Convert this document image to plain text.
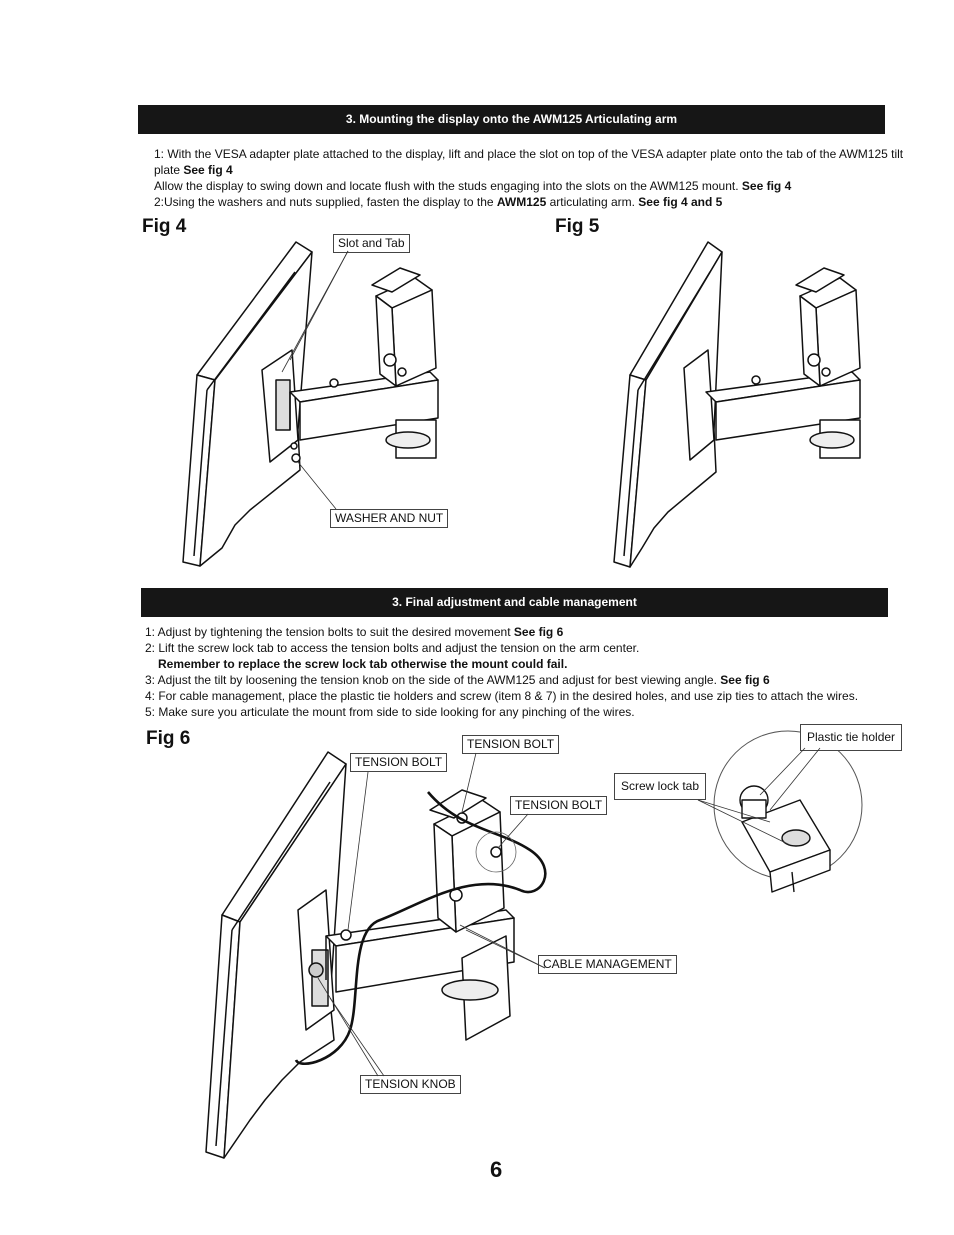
3. Mounting the display onto the AWM125 Articulating arm
1: With the VESA adapter plate attached to the display, lift and place the slot on top of the VESA adapter plate onto the tab of the AWM125 tilt
plate See fig 4
Allow the display to swing down and locate flush with the studs engaging into the slots on the AWM125 mount. See fig 4
2:Using the washers and nuts supplied, fasten the display to the AWM125 articulating arm. See fig 4 and 5
Fig 4
Slot and Tab
WASHER AND NUT
Fig 5
3. Final adjustment and cable management
1: Adjust by tightening the tension bolts to suit the desired movement See fig 6
2: Lift the screw lock tab to access the tension bolts and adjust the tension on the arm center.
Remember to replace the screw lock tab otherwise the mount could fail.
3: Adjust the tilt by loosening the tension knob on the side of the AWM125 and adjust for best viewing angle. See fig 6
4: For cable management, place the plastic tie holders and screw (item 8 & 7) in the desired holes, and use zip ties to attach the wires.
5: Make sure you articulate the mount from side to side looking for any pinching of the wires.
Fig 6
TENSION BOLT
TENSION BOLT
TENSION BOLT
Screw lock tab
Plastic tie holder
CABLE MANAGEMENT
TENSION KNOB
6
